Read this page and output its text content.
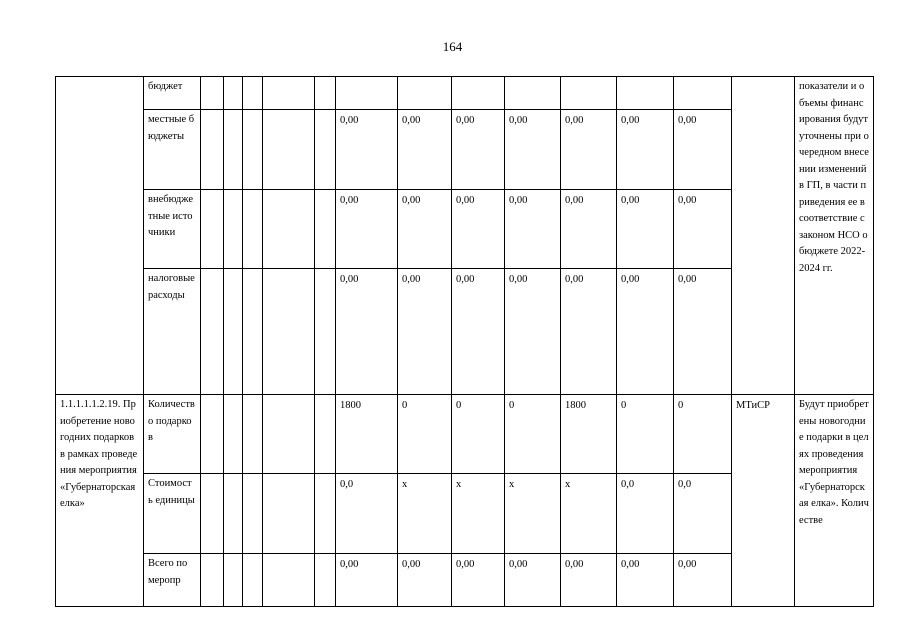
164
	бюджет														показатели и объемы финансирования будут уточнены при очередном внесении изменений в ГП, в части приведения ее в соответствие с законом НСО о бюджете 2022-2024 гг.
	местные бюджеты						0,00	0,00	0,00	0,00	0,00	0,00	0,00		
	внебюджетные источники						0,00	0,00	0,00	0,00	0,00	0,00	0,00		
	налоговые расходы						0,00	0,00	0,00	0,00	0,00	0,00	0,00		
1.1.1.1.1.2.19. Приобретение новогодних подарков в рамках проведения мероприятия «Губернаторская елка»	Количество подарков						1800	0	0	0	1800	0	0	МТиСР	Будут приобретены новогодние подарки в целях проведения мероприятия «Губернаторская елка». Количестве
	Стоимость единицы						0,0	х	х	х	х	0,0	0,0		
	Всего по меропр						0,00	0,00	0,00	0,00	0,00	0,00	0,00		
